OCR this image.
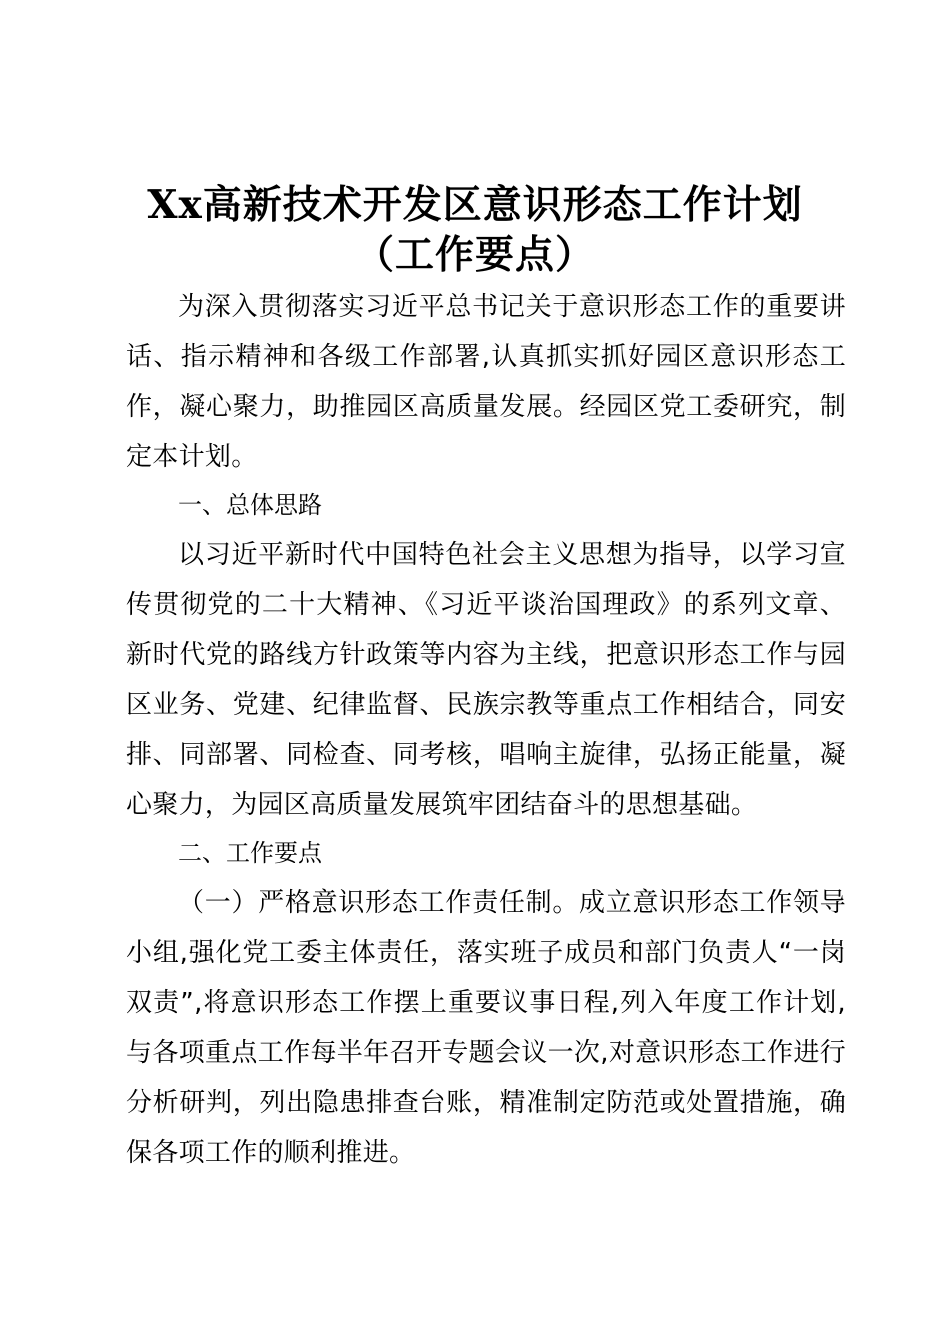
Xx高新技术开发区意识形态工作计划
（工作要点）

为深入贯彻落实习近平总书记关于意识形态工作的重要讲话、指示精神和各级工作部署,认真抓实抓好园区意识形态工作，凝心聚力，助推园区高质量发展。经园区党工委研究，制定本计划。

一、总体思路

以习近平新时代中国特色社会主义思想为指导，以学习宣传贯彻党的二十大精神、《习近平谈治国理政》的系列文章、新时代党的路线方针政策等内容为主线，把意识形态工作与园区业务、党建、纪律监督、民族宗教等重点工作相结合，同安排、同部署、同检查、同考核，唱响主旋律，弘扬正能量，凝心聚力，为园区高质量发展筑牢团结奋斗的思想基础。

二、工作要点

（一）严格意识形态工作责任制。成立意识形态工作领导小组,强化党工委主体责任，落实班子成员和部门负责人“一岗双责”,将意识形态工作摆上重要议事日程,列入年度工作计划,与各项重点工作每半年召开专题会议一次,对意识形态工作进行分析研判，列出隐患排查台账，精准制定防范或处置措施，确保各项工作的顺利推进。
